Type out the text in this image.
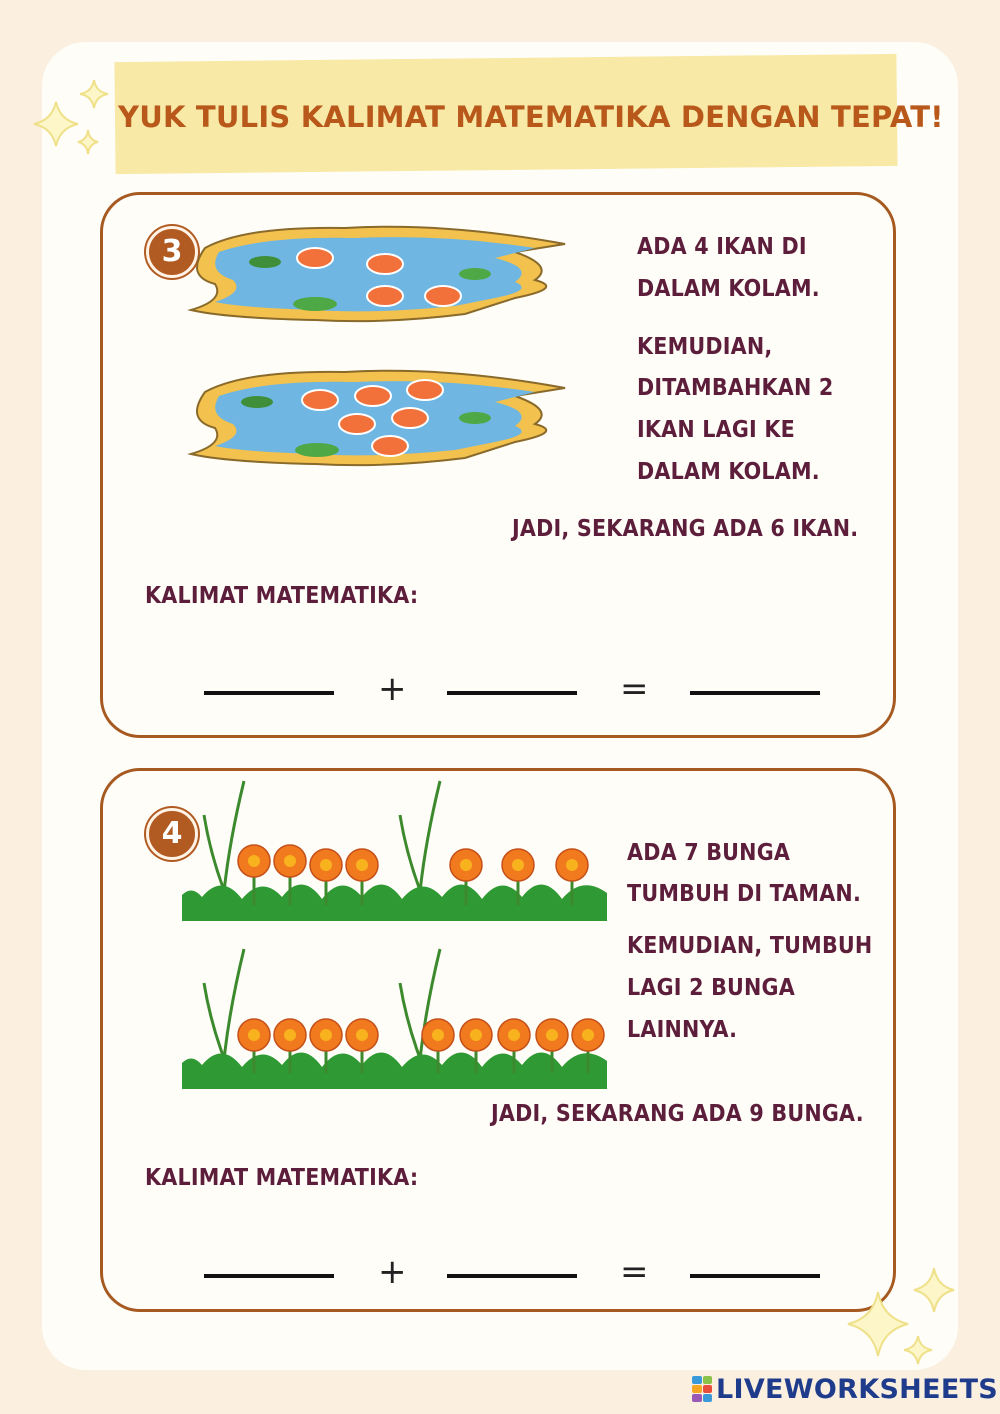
YUK TULIS KALIMAT MATEMATIKA DENGAN TEPAT!
3	ADA 4 IKAN DI
DALAM KOLAM.
KEMUDIAN,
DITAMBAHKAN 2
IKAN LAGI KE
DALAM KOLAM.
JADI, SEKARANG ADA 6 IKAN.
KALIMAT MATEMATIKA:
+	=
4
ADA 7 BUNGA
TUMBUH DI TAMAN.
KEMUDIAN, TUMBUH
LAGI 2 BUNGA
LAINNYA.
JADI, SEKARANG ADA 9 BUNGA.
KALIMAT MATEMATIKA:
+	=
LIVEWORKSHEETS
